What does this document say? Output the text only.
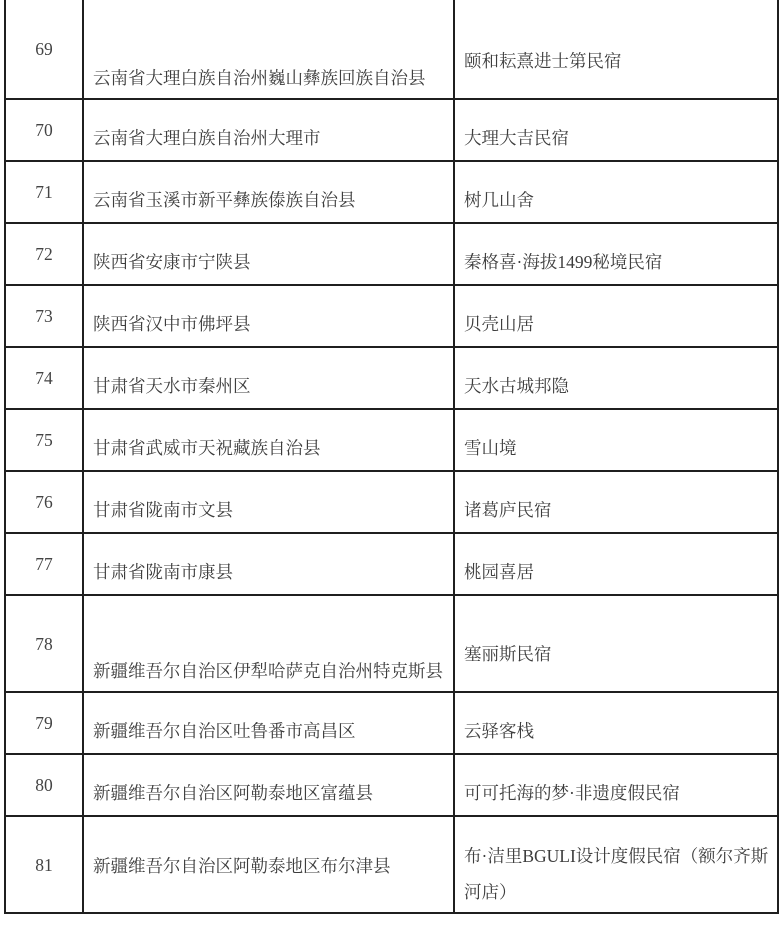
69	云南省大理白族自治州巍山彝族回族自治县	颐和耘熹进士第民宿

70	云南省大理白族自治州大理市	大理大吉民宿

71	云南省玉溪市新平彝族傣族自治县	树几山舍

72	陕西省安康市宁陕县	秦格喜·海拔1499秘境民宿

73	陕西省汉中市佛坪县	贝壳山居

74	甘肃省天水市秦州区	天水古城邦隐

75	甘肃省武威市天祝藏族自治县	雪山境

76	甘肃省陇南市文县	诸葛庐民宿

77	甘肃省陇南市康县	桃园喜居

78	新疆维吾尔自治区伊犁哈萨克自治州特克斯县	塞丽斯民宿

79	新疆维吾尔自治区吐鲁番市高昌区	云驿客栈

80	新疆维吾尔自治区阿勒泰地区富蕴县	可可托海的梦·非遗度假民宿

81	新疆维吾尔自治区阿勒泰地区布尔津县	布·洁里BGULI设计度假民宿（额尔齐斯河店）
